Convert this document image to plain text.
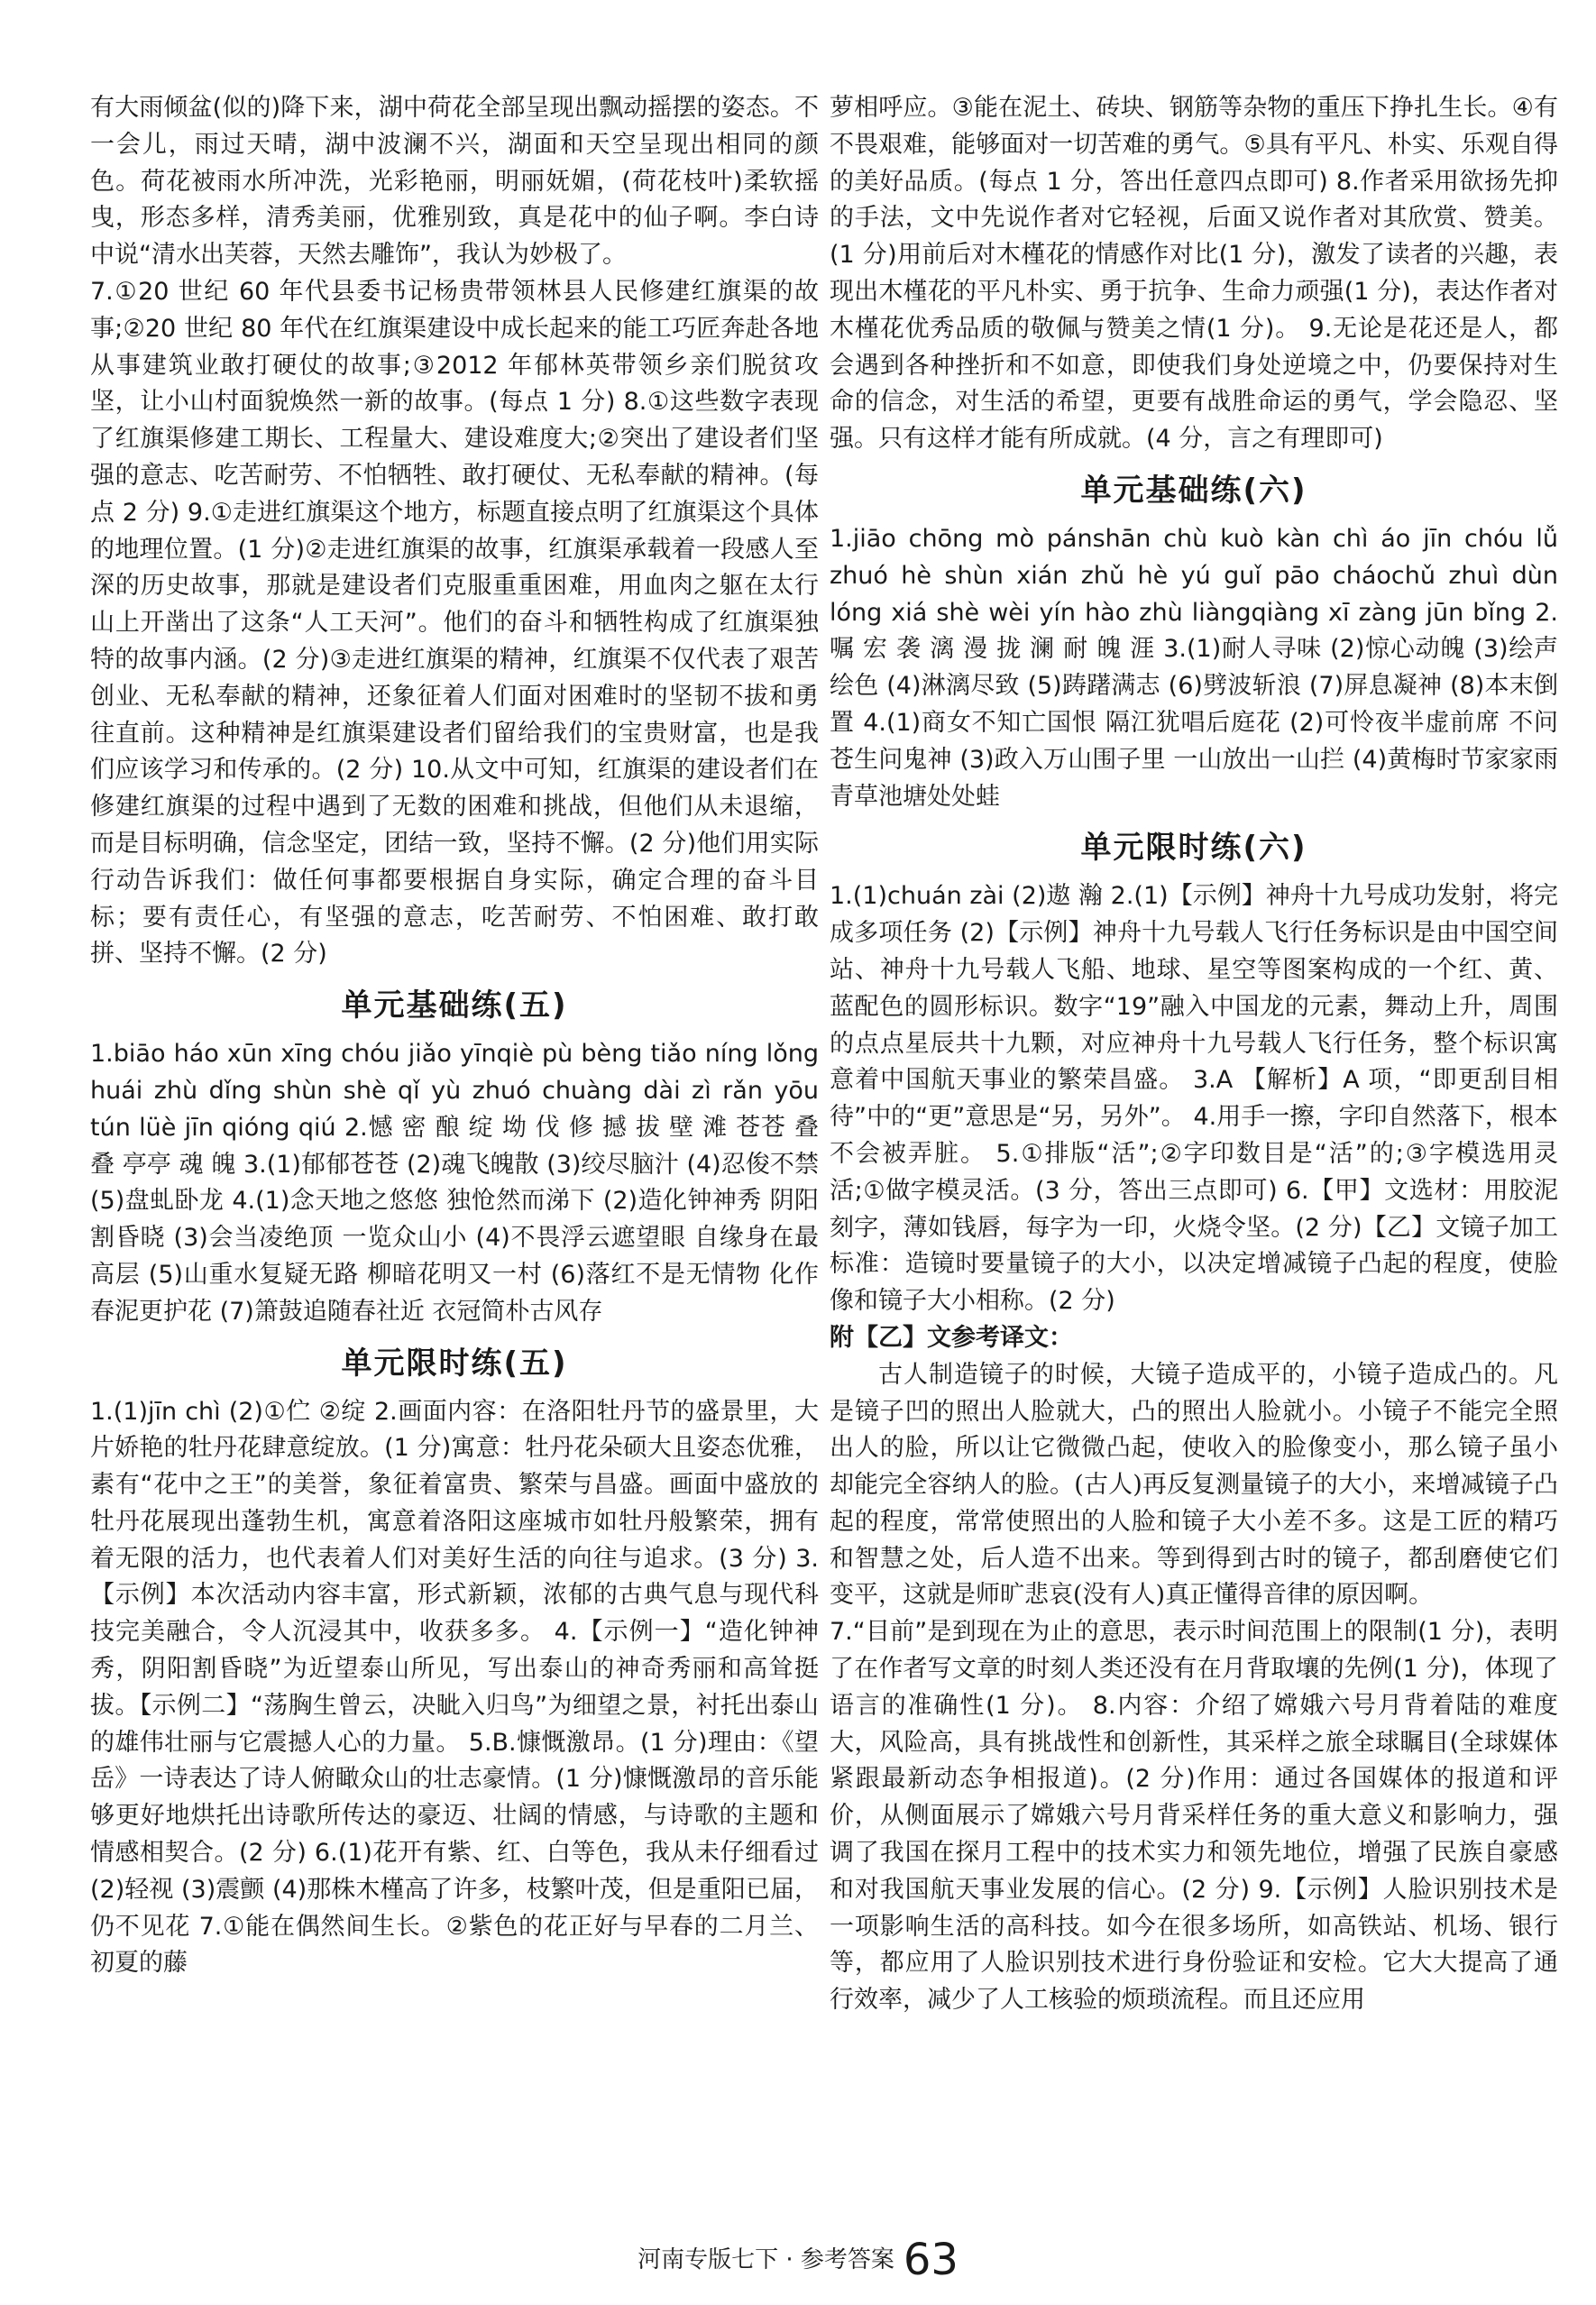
有大雨倾盆(似的)降下来，湖中荷花全部呈现出飘动摇摆的姿态。不一会儿，雨过天晴，湖中波澜不兴，湖面和天空呈现出相同的颜色。荷花被雨水所冲洗，光彩艳丽，明丽妩媚，(荷花枝叶)柔软摇曳，形态多样，清秀美丽，优雅别致，真是花中的仙子啊。李白诗中说“清水出芙蓉，天然去雕饰”，我认为妙极了。

7.①20 世纪 60 年代县委书记杨贵带领林县人民修建红旗渠的故事;②20 世纪 80 年代在红旗渠建设中成长起来的能工巧匠奔赴各地从事建筑业敢打硬仗的故事;③2012 年郁林英带领乡亲们脱贫攻坚，让小山村面貌焕然一新的故事。(每点 1 分) 8.①这些数字表现了红旗渠修建工期长、工程量大、建设难度大;②突出了建设者们坚强的意志、吃苦耐劳、不怕牺牲、敢打硬仗、无私奉献的精神。(每点 2 分) 9.①走进红旗渠这个地方，标题直接点明了红旗渠这个具体的地理位置。(1 分)②走进红旗渠的故事，红旗渠承载着一段感人至深的历史故事，那就是建设者们克服重重困难，用血肉之躯在太行山上开凿出了这条“人工天河”。他们的奋斗和牺牲构成了红旗渠独特的故事内涵。(2 分)③走进红旗渠的精神，红旗渠不仅代表了艰苦创业、无私奉献的精神，还象征着人们面对困难时的坚韧不拔和勇往直前。这种精神是红旗渠建设者们留给我们的宝贵财富，也是我们应该学习和传承的。(2 分) 10.从文中可知，红旗渠的建设者们在修建红旗渠的过程中遇到了无数的困难和挑战，但他们从未退缩，而是目标明确，信念坚定，团结一致，坚持不懈。(2 分)他们用实际行动告诉我们：做任何事都要根据自身实际，确定合理的奋斗目标；要有责任心，有坚强的意志，吃苦耐劳、不怕困难、敢打敢拼、坚持不懈。(2 分)

单元基础练(五)

1.biāo háo xūn xīng chóu jiǎo yīnqiè pù bèng tiǎo níng lǒng huái zhù dǐng shùn shè qǐ yù zhuó chuàng dài zì rǎn yōu tún lüè jīn qióng qiú 2.憾 密 酿 绽 坳 伐 修 撼 拔 壁 滩 苍苍 叠叠 亭亭 魂 魄 3.(1)郁郁苍苍 (2)魂飞魄散 (3)绞尽脑汁 (4)忍俊不禁 (5)盘虬卧龙 4.(1)念天地之悠悠 独怆然而涕下 (2)造化钟神秀 阴阳割昏晓 (3)会当凌绝顶 一览众山小 (4)不畏浮云遮望眼 自缘身在最高层 (5)山重水复疑无路 柳暗花明又一村 (6)落红不是无情物 化作春泥更护花 (7)箫鼓追随春社近 衣冠简朴古风存

单元限时练(五)

1.(1)jīn chì (2)①伫 ②绽 2.画面内容：在洛阳牡丹节的盛景里，大片娇艳的牡丹花肆意绽放。(1 分)寓意：牡丹花朵硕大且姿态优雅，素有“花中之王”的美誉，象征着富贵、繁荣与昌盛。画面中盛放的牡丹花展现出蓬勃生机，寓意着洛阳这座城市如牡丹般繁荣，拥有着无限的活力，也代表着人们对美好生活的向往与追求。(3 分) 3.【示例】本次活动内容丰富，形式新颖，浓郁的古典气息与现代科技完美融合，令人沉浸其中，收获多多。 4.【示例一】“造化钟神秀，阴阳割昏晓”为近望泰山所见，写出泰山的神奇秀丽和高耸挺拔。【示例二】“荡胸生曾云，决眦入归鸟”为细望之景，衬托出泰山的雄伟壮丽与它震撼人心的力量。 5.B.慷慨激昂。(1 分)理由：《望岳》一诗表达了诗人俯瞰众山的壮志豪情。(1 分)慷慨激昂的音乐能够更好地烘托出诗歌所传达的豪迈、壮阔的情感，与诗歌的主题和情感相契合。(2 分) 6.(1)花开有紫、红、白等色，我从未仔细看过 (2)轻视 (3)震颤 (4)那株木槿高了许多，枝繁叶茂，但是重阳已届，仍不见花 7.①能在偶然间生长。②紫色的花正好与早春的二月兰、初夏的藤

萝相呼应。③能在泥土、砖块、钢筋等杂物的重压下挣扎生长。④有不畏艰难，能够面对一切苦难的勇气。⑤具有平凡、朴实、乐观自得的美好品质。(每点 1 分，答出任意四点即可) 8.作者采用欲扬先抑的手法，文中先说作者对它轻视，后面又说作者对其欣赏、赞美。(1 分)用前后对木槿花的情感作对比(1 分)，激发了读者的兴趣，表现出木槿花的平凡朴实、勇于抗争、生命力顽强(1 分)，表达作者对木槿花优秀品质的敬佩与赞美之情(1 分)。 9.无论是花还是人，都会遇到各种挫折和不如意，即使我们身处逆境之中，仍要保持对生命的信念，对生活的希望，更要有战胜命运的勇气，学会隐忍、坚强。只有这样才能有所成就。(4 分，言之有理即可)

单元基础练(六)

1.jiāo chōng mò pánshān chù kuò kàn chì áo jīn chóu lǚ zhuó hè shùn xián zhǔ hè yú guǐ pāo cháochǔ zhuì dùn lóng xiá shè wèi yín hào zhù liàngqiàng xī zàng jūn bǐng 2.嘱 宏 袭 漓 漫 拢 澜 耐 魄 涯 3.(1)耐人寻味 (2)惊心动魄 (3)绘声绘色 (4)淋漓尽致 (5)踌躇满志 (6)劈波斩浪 (7)屏息凝神 (8)本末倒置 4.(1)商女不知亡国恨 隔江犹唱后庭花 (2)可怜夜半虚前席 不问苍生问鬼神 (3)政入万山围子里 一山放出一山拦 (4)黄梅时节家家雨 青草池塘处处蛙

单元限时练(六)

1.(1)chuán zài (2)遨 瀚 2.(1)【示例】神舟十九号成功发射，将完成多项任务 (2)【示例】神舟十九号载人飞行任务标识是由中国空间站、神舟十九号载人飞船、地球、星空等图案构成的一个红、黄、蓝配色的圆形标识。数字“19”融入中国龙的元素，舞动上升，周围的点点星辰共十九颗，对应神舟十九号载人飞行任务，整个标识寓意着中国航天事业的繁荣昌盛。 3.A 【解析】A 项，“即更刮目相待”中的“更”意思是“另，另外”。 4.用手一擦，字印自然落下，根本不会被弄脏。 5.①排版“活”;②字印数目是“活”的;③字模选用灵活;①做字模灵活。(3 分，答出三点即可) 6.【甲】文选材：用胶泥刻字，薄如钱唇，每字为一印，火烧令坚。(2 分)【乙】文镜子加工标准：造镜时要量镜子的大小，以决定增减镜子凸起的程度，使脸像和镜子大小相称。(2 分)

附【乙】文参考译文：

古人制造镜子的时候，大镜子造成平的，小镜子造成凸的。凡是镜子凹的照出人脸就大，凸的照出人脸就小。小镜子不能完全照出人的脸，所以让它微微凸起，使收入的脸像变小，那么镜子虽小却能完全容纳人的脸。(古人)再反复测量镜子的大小，来增减镜子凸起的程度，常常使照出的人脸和镜子大小差不多。这是工匠的精巧和智慧之处，后人造不出来。等到得到古时的镜子，都刮磨使它们变平，这就是师旷悲哀(没有人)真正懂得音律的原因啊。

7.“目前”是到现在为止的意思，表示时间范围上的限制(1 分)，表明了在作者写文章的时刻人类还没有在月背取壤的先例(1 分)，体现了语言的准确性(1 分)。 8.内容：介绍了嫦娥六号月背着陆的难度大，风险高，具有挑战性和创新性，其采样之旅全球瞩目(全球媒体紧跟最新动态争相报道)。(2 分)作用：通过各国媒体的报道和评价，从侧面展示了嫦娥六号月背采样任务的重大意义和影响力，强调了我国在探月工程中的技术实力和领先地位，增强了民族自豪感和对我国航天事业发展的信心。(2 分) 9.【示例】人脸识别技术是一项影响生活的高科技。如今在很多场所，如高铁站、机场、银行等，都应用了人脸识别技术进行身份验证和安检。它大大提高了通行效率，减少了人工核验的烦琐流程。而且还应用

河南专版七下 · 参考答案 63
